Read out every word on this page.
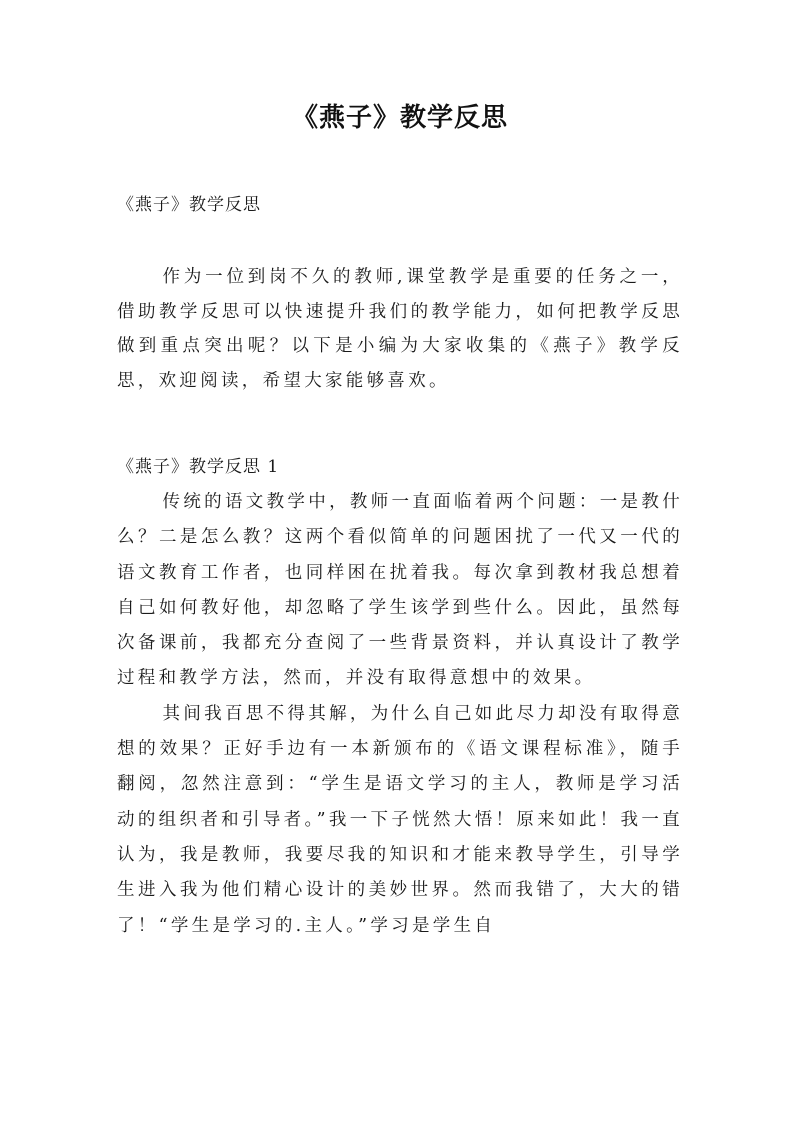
《燕子》教学反思
《燕子》教学反思
作为一位到岗不久的教师,课堂教学是重要的任务之一，借助教学反思可以快速提升我们的教学能力，如何把教学反思做到重点突出呢？以下是小编为大家收集的《燕子》教学反思，欢迎阅读，希望大家能够喜欢。
《燕子》教学反思 1

传统的语文教学中，教师一直面临着两个问题：一是教什么？二是怎么教？这两个看似简单的问题困扰了一代又一代的语文教育工作者，也同样困在扰着我。每次拿到教材我总想着自己如何教好他，却忽略了学生该学到些什么。因此，虽然每次备课前，我都充分查阅了一些背景资料，并认真设计了教学过程和教学方法，然而，并没有取得意想中的效果。

其间我百思不得其解，为什么自己如此尽力却没有取得意想的效果？正好手边有一本新颁布的《语文课程标准》，随手翻阅，忽然注意到：“学生是语文学习的主人，教师是学习活动的组织者和引导者。”我一下子恍然大悟！原来如此！我一直认为，我是教师，我要尽我的知识和才能来教导学生，引导学生进入我为他们精心设计的美妙世界。然而我错了，大大的错了！“学生是学习的.主人。”学习是学生自
